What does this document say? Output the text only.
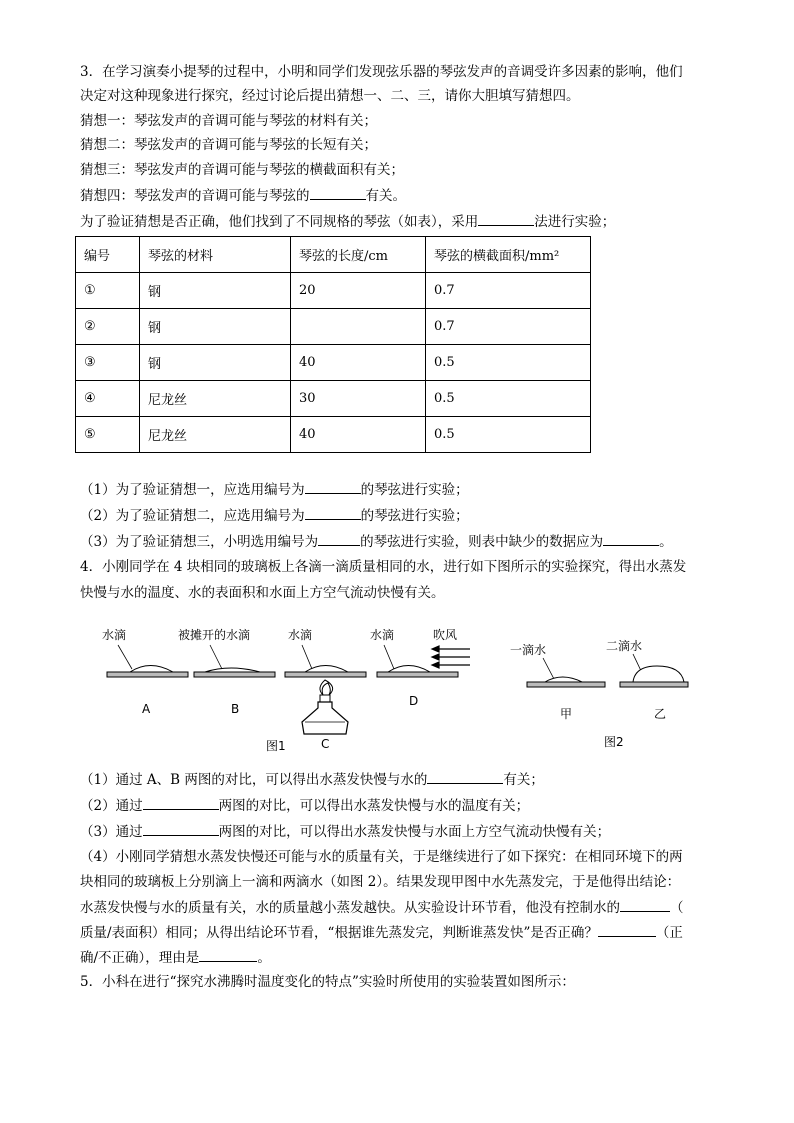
3．在学习演奏小提琴的过程中，小明和同学们发现弦乐器的琴弦发声的音调受许多因素的影响，他们
决定对这种现象进行探究，经过讨论后提出猜想一、二、三，请你大胆填写猜想四。
猜想一：琴弦发声的音调可能与琴弦的材料有关；
猜想二：琴弦发声的音调可能与琴弦的长短有关；
猜想三：琴弦发声的音调可能与琴弦的横截面积有关；
猜想四：琴弦发声的音调可能与琴弦的	有关。
为了验证猜想是否正确，他们找到了不同规格的琴弦（如表），采用	法进行实验；
编号	琴弦的材料	琴弦的长度/cm	琴弦的横截面积/mm²
①	钢	20	0.7
②	钢		0.7
③	钢	40	0.5
④	尼龙丝	30	0.5
⑤	尼龙丝	40	0.5
（1）为了验证猜想一，应选用编号为	的琴弦进行实验；
（2）为了验证猜想二，应选用编号为	的琴弦进行实验；
（3）为了验证猜想三，小明选用编号为	的琴弦进行实验，则表中缺少的数据应为	。
4．小刚同学在 4 块相同的玻璃板上各滴一滴质量相同的水，进行如下图所示的实验探究，得出水蒸发
快慢与水的温度、水的表面积和水面上方空气流动快慢有关。
水滴	被摊开的水滴	水滴	水滴	吹风
A	B
C
图1
D
一滴水	二滴水
甲	乙
图2
（1）通过 A、B 两图的对比，可以得出水蒸发快慢与水的	有关；
（2）通过	两图的对比，可以得出水蒸发快慢与水的温度有关；
（3）通过	两图的对比，可以得出水蒸发快慢与水面上方空气流动快慢有关；
（4）小刚同学猜想水蒸发快慢还可能与水的质量有关，于是继续进行了如下探究：在相同环境下的两
块相同的玻璃板上分别滴上一滴和两滴水（如图 2）。结果发现甲图中水先蒸发完，于是他得出结论：
水蒸发快慢与水的质量有关，水的质量越小蒸发越快。从实验设计环节看，他没有控制水的	（
质量/表面积）相同；从得出结论环节看，“根据谁先蒸发完，判断谁蒸发快”是否正确？	（正
确/不正确），理由是	。
5．小科在进行“探究水沸腾时温度变化的特点”实验时所使用的实验装置如图所示：
